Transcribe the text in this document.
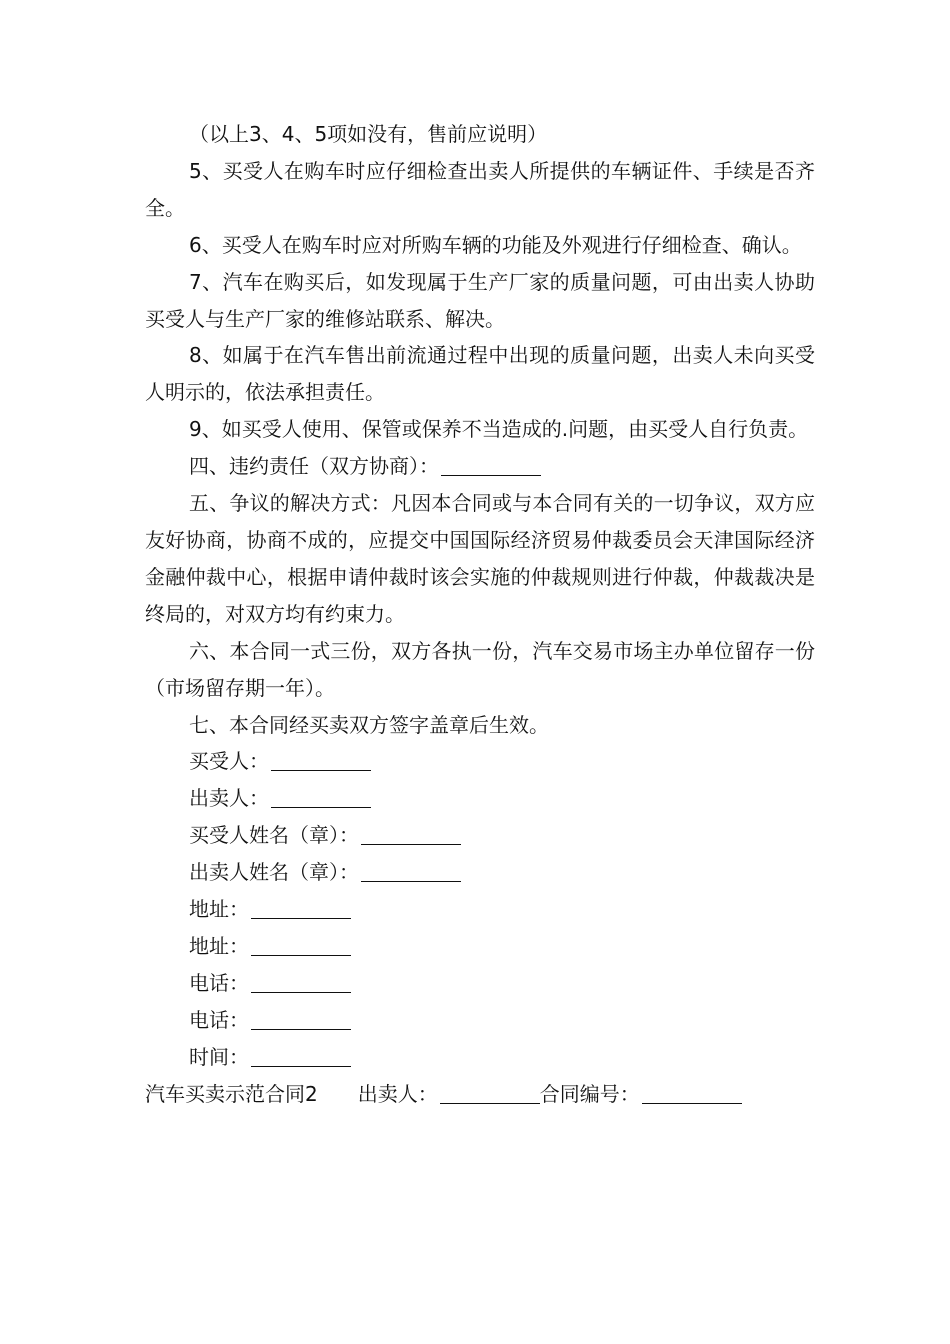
（以上3、4、5项如没有，售前应说明）

5、买受人在购车时应仔细检查出卖人所提供的车辆证件、手续是否齐全。

6、买受人在购车时应对所购车辆的功能及外观进行仔细检查、确认。

7、汽车在购买后，如发现属于生产厂家的质量问题，可由出卖人协助买受人与生产厂家的维修站联系、解决。

8、如属于在汽车售出前流通过程中出现的质量问题，出卖人未向买受人明示的，依法承担责任。

9、如买受人使用、保管或保养不当造成的.问题，由买受人自行负责。

四、违约责任（双方协商）：

五、争议的解决方式：凡因本合同或与本合同有关的一切争议，双方应友好协商，协商不成的，应提交中国国际经济贸易仲裁委员会天津国际经济金融仲裁中心，根据申请仲裁时该会实施的仲裁规则进行仲裁，仲裁裁决是终局的，对双方均有约束力。

六、本合同一式三份，双方各执一份，汽车交易市场主办单位留存一份（市场留存期一年）。

七、本合同经买卖双方签字盖章后生效。

买受人：

出卖人：

买受人姓名（章）：

出卖人姓名（章）：

地址：

地址：

电话：

电话：

时间：

汽车买卖示范合同2 出卖人：	合同编号：
